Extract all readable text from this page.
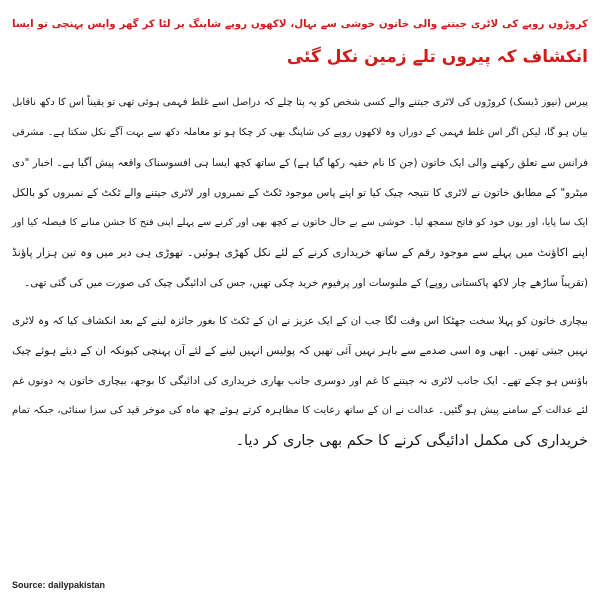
کروڑوں روپے کی لاٹری جیتنے والی خاتون خوشی سے نہال، لاکھوں روپے شاپنگ پر لٹا کر گھر واپس پہنچی تو ایسا
انکشاف کہ پیروں تلے زمین نکل گئی
پیرس (نیوز ڈیسک) کروڑوں کی لاٹری جیتنے والے کسی شخص کو یہ پتا چلے کہ دراصل اسے غلط فہمی ہوئی تھی تو یقیناً اس کا دکھ ناقابل
بیان ہو گا، لیکن اگر اس غلط فہمی کے دوران وہ لاکھوں روپے کی شاپنگ بھی کر چکا ہو تو معاملہ دکھ سے بہت آگے نکل سکتا ہے۔ مشرقی
فرانس سے تعلق رکھنے والی ایک خاتون (جن کا نام خفیہ رکھا گیا ہے) کے ساتھ کچھ ایسا ہی افسوسناک واقعہ پیش آگیا ہے۔ اخبار "دی
میٹرو" کے مطابق خاتون نے لاٹری کا نتیجہ چیک کیا تو اپنے پاس موجود ٹکٹ کے نمبروں اور لاٹری جیتنے والے ٹکٹ کے نمبروں کو بالکل
ایک سا پایا، اور یوں خود کو فاتح سمجھ لیا۔ خوشی سے بے حال خاتون نے کچھ بھی اور کرنے سے پہلے اپنی فتح کا جشن منانے کا فیصلہ کیا اور
اپنے اکاؤنٹ میں پہلے سے موجود رقم کے ساتھ خریداری کرنے کے لئے نکل کھڑی ہوئیں۔ تھوڑی ہی دیر میں وہ تین ہزار پاؤنڈ
(تقریباً ساڑھے چار لاکھ پاکستانی روپے) کے ملبوسات اور پرفیوم خرید چکی تھیں، جس کی ادائیگی چیک کی صورت میں کی گئی تھی۔
بیچاری خاتون کو پہلا سخت جھٹکا اس وقت لگا جب ان کے ایک عزیز نے ان کے ٹکٹ کا بغور جائزہ لینے کے بعد انکشاف کیا کہ وہ لاٹری
نہیں جیتی تھیں۔ ابھی وہ اسی صدمے سے باہر نہیں آئی تھیں کہ پولیس انہیں لینے کے لئے آن پہنچی کیونکہ ان کے دیئے ہوئے چیک
باؤنس ہو چکے تھے۔ ایک جانب لاٹری نہ جیتنے کا غم اور دوسری جانب بھاری خریداری کی ادائیگی کا بوجھ، بیچاری خاتون یہ دونوں غم
لئے عدالت کے سامنے پیش ہو گئیں۔ عدالت نے ان کے ساتھ رعایت کا مظاہرہ کرتے ہوئے چھ ماہ کی موخر قید کی سزا سنائی، جبکہ تمام
خریداری کی مکمل ادائیگی کرنے کا حکم بھی جاری کر دیا۔
Source: dailypakistan
